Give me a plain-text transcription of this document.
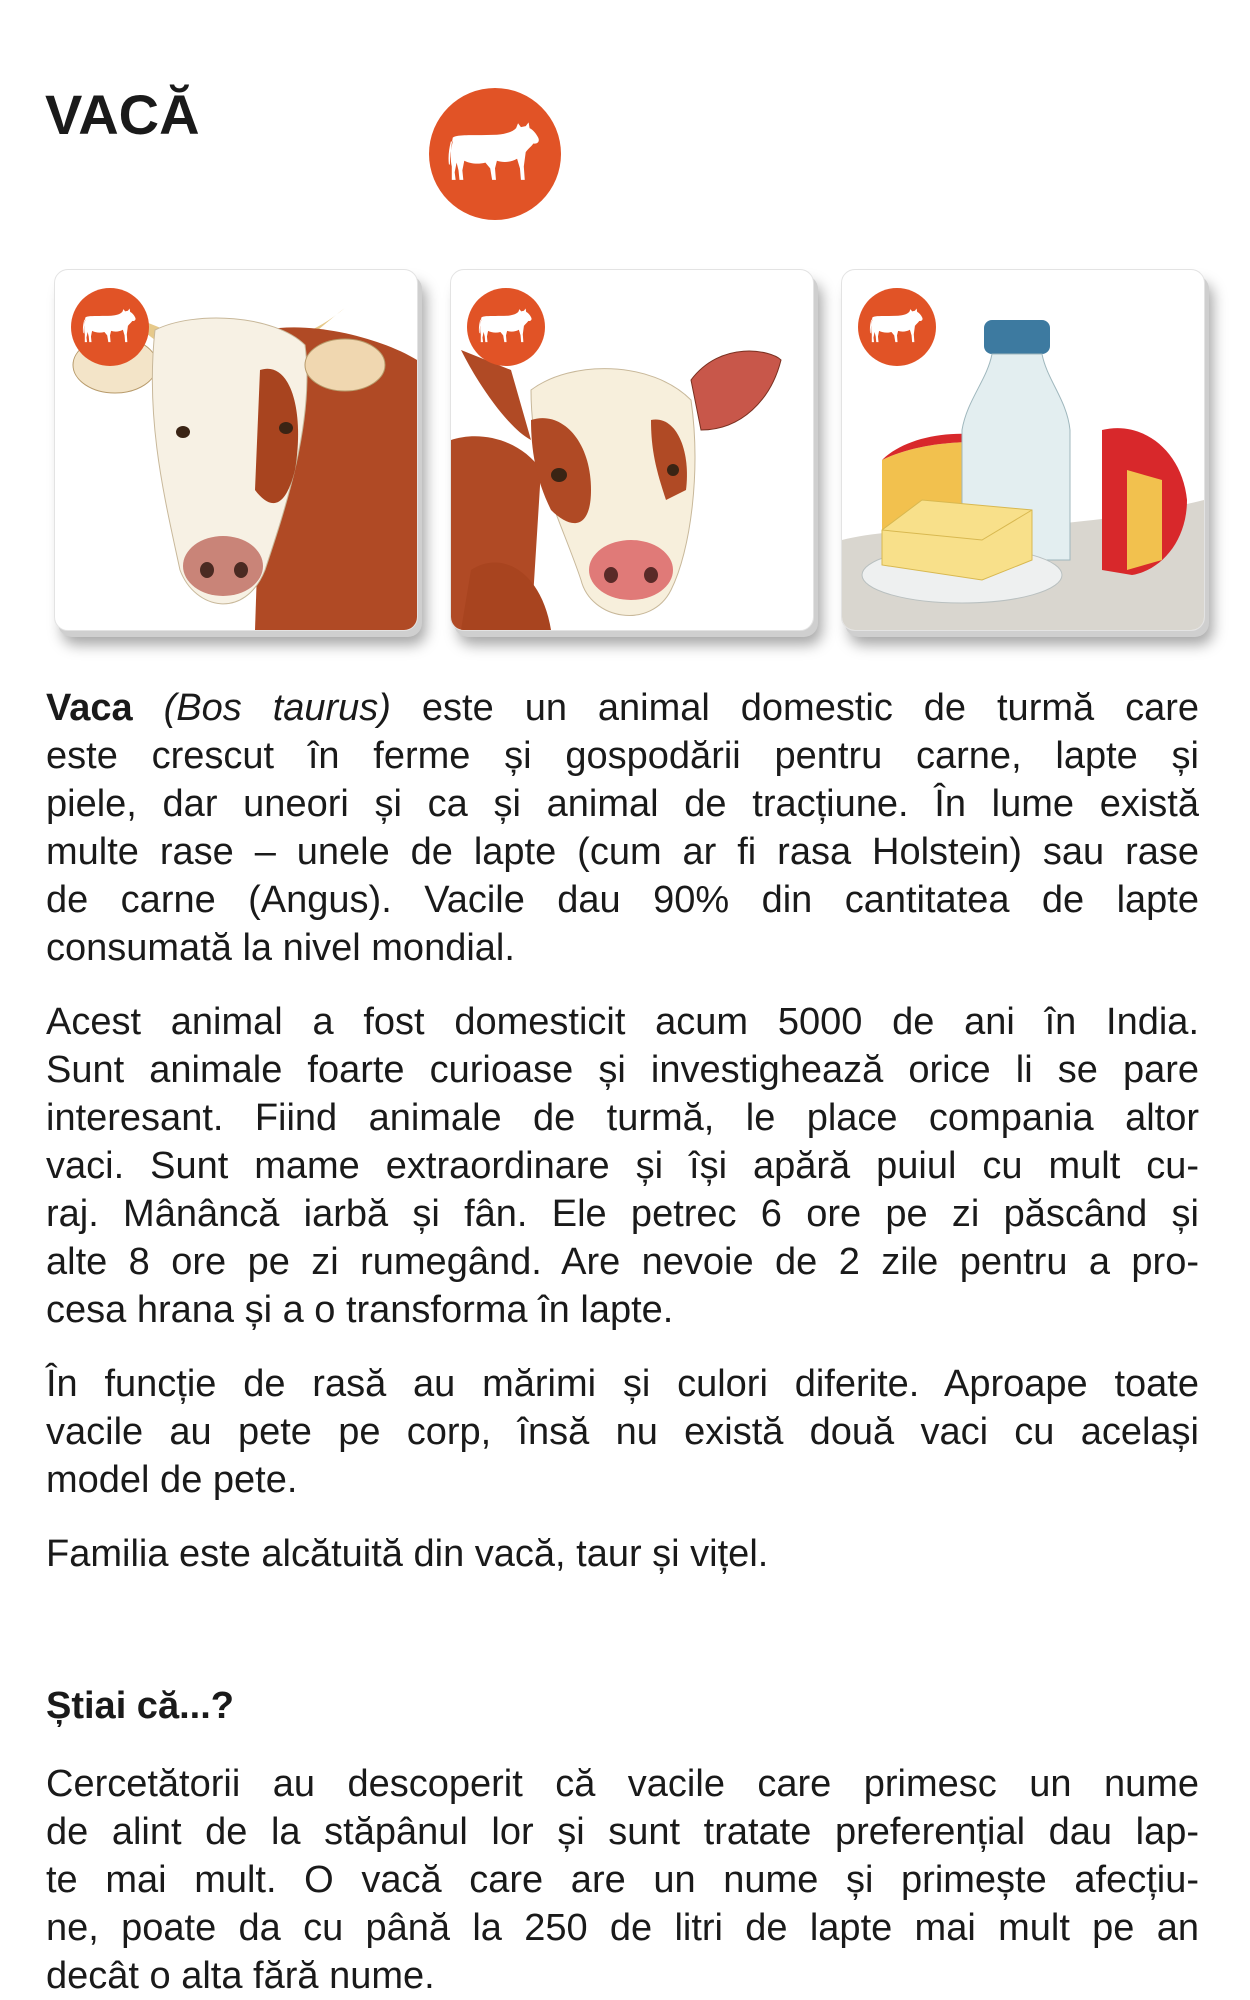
VACĂ
Vaca (Bos taurus) este un animal domestic de turmă care
este crescut în ferme și gospodării pentru carne, lapte și
piele, dar uneori și ca și animal de tracțiune. În lume există
multe rase – unele de lapte (cum ar fi rasa Holstein) sau rase
de carne (Angus). Vacile dau 90% din cantitatea de lapte
consumată la nivel mondial.
Acest animal a fost domesticit acum 5000 de ani în India.
Sunt animale foarte curioase și investighează orice li se pare
interesant. Fiind animale de turmă, le place compania altor
vaci. Sunt mame extraordinare și își apără puiul cu mult cu-
raj. Mânâncă iarbă și fân. Ele petrec 6 ore pe zi păscând și
alte 8 ore pe zi rumegând. Are nevoie de 2 zile pentru a pro-
cesa hrana și a o transforma în lapte.
În funcție de rasă au mărimi și culori diferite. Aproape toate
vacile au pete pe corp, însă nu există două vaci cu același
model de pete.
Familia este alcătuită din vacă, taur și vițel.
Știai că...?
Cercetătorii au descoperit că vacile care primesc un nume
de alint de la stăpânul lor și sunt tratate preferențial dau lap-
te mai mult. O vacă care are un nume și primește afecțiu-
ne, poate da cu până la 250 de litri de lapte mai mult pe an
decât o alta fără nume.
